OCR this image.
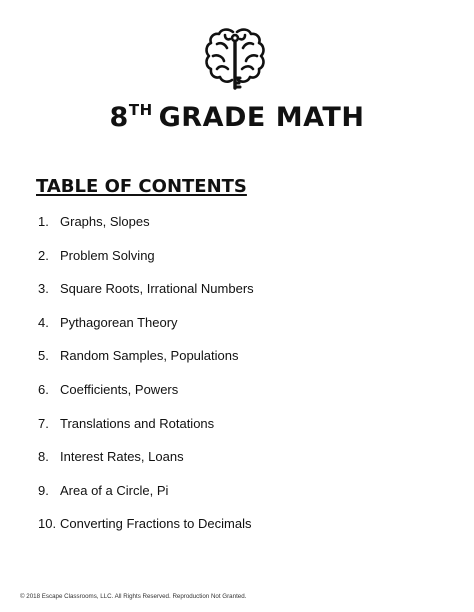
8TH GRADE MATH
TABLE OF CONTENTS
1. Graphs, Slopes
2. Problem Solving
3. Square Roots, Irrational Numbers
4. Pythagorean Theory
5. Random Samples, Populations
6. Coefficients, Powers
7. Translations and Rotations
8. Interest Rates, Loans
9. Area of a Circle, Pi
10. Converting Fractions to Decimals
© 2018 Escape Classrooms, LLC. All Rights Reserved. Reproduction Not Granted.
